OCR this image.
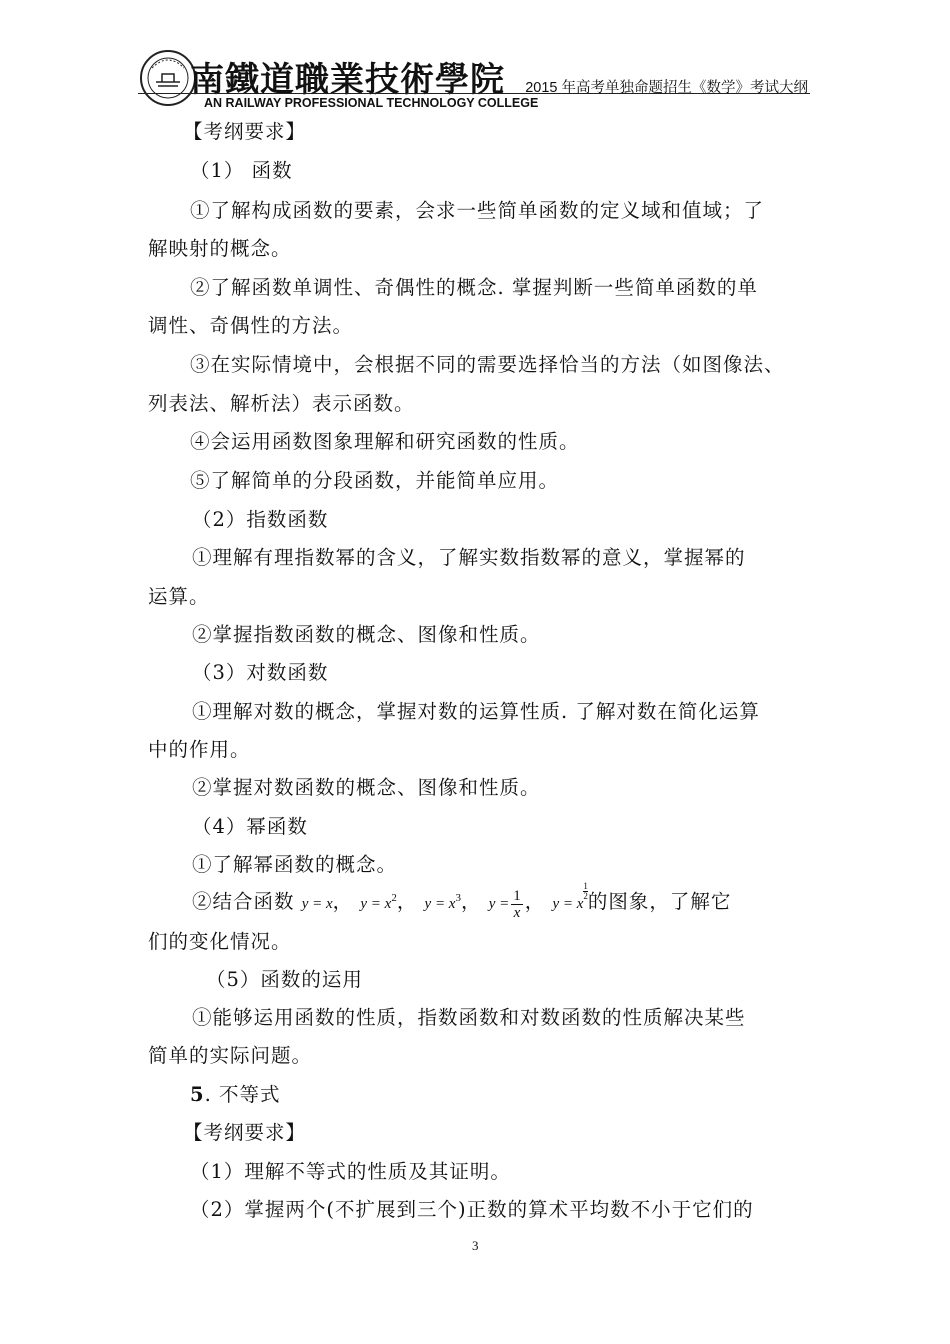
南鐵道職業技術學院
AN RAILWAY PROFESSIONAL TECHNOLOGY COLLEGE
2015 年高考单独命题招生《数学》考试大纲
【考纲要求】
（1） 函数
①了解构成函数的要素，会求一些简单函数的定义域和值域；了
解映射的概念。
②了解函数单调性、奇偶性的概念. 掌握判断一些简单函数的单
调性、奇偶性的方法。
③在实际情境中，会根据不同的需要选择恰当的方法（如图像法、
列表法、解析法）表示函数。
④会运用函数图象理解和研究函数的性质。
⑤了解简单的分段函数，并能简单应用。
（2）指数函数
①理解有理指数幂的含义，了解实数指数幂的意义，掌握幂的
运算。
②掌握指数函数的概念、图像和性质。
（3）对数函数
①理解对数的概念，掌握对数的运算性质. 了解对数在简化运算
中的作用。
②掌握对数函数的概念、图像和性质。
（4）幂函数
①了解幂函数的概念。
②结合函数 y = x， $y = x^2$， $y = x^3$， $y = \frac{1}{x}$ ， y = x
$\frac{1}{2}$的图象，了解它
们的变化情况。
（5）函数的运用
①能够运用函数的性质，指数函数和对数函数的性质解决某些
简单的实际问题。
5. 不等式
【考纲要求】
（1）理解不等式的性质及其证明。
（2）掌握两个(不扩展到三个)正数的算术平均数不小于它们的
3
